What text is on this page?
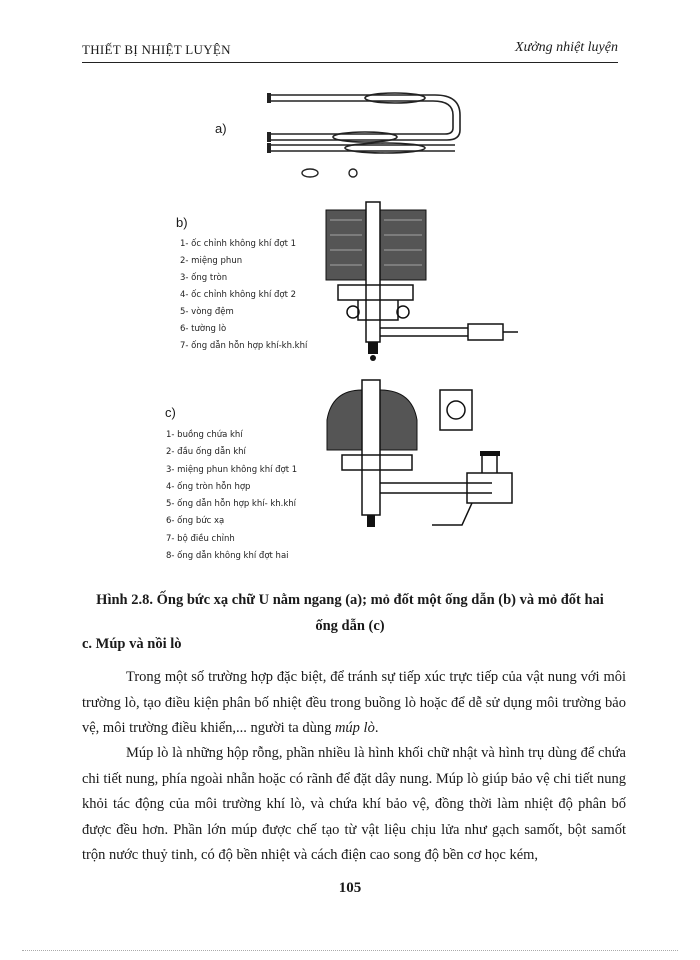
THIẾT BỊ NHIỆT LUYỆN	Xưởng nhiệt luyện
a)
b)
1- ốc chỉnh không khí đợt 1
2- miệng phun
3- ống tròn
4- ốc chỉnh không khí đợt 2
5- vòng đệm
6- tường lò
7- ống dẫn hỗn hợp khí-kh.khí
c)
1- buồng chứa khí
2- đầu ống dẫn khí
3- miệng phun không khí đợt 1
4- ống tròn hỗn hợp
5- ống dẫn hỗn hợp khí- kh.khí
6- ống bức xạ
7- bộ điều chỉnh
8- ống dẫn không khí đợt hai
Hình 2.8. Ống bức xạ chữ U nằm ngang (a); mỏ đốt một ống dẫn (b) và mỏ đốt hai
ống dẫn (c)
c. Múp và nồi lò

Trong một số trường hợp đặc biệt, để tránh sự tiếp xúc trực tiếp của vật nung với môi trường lò, tạo điều kiện phân bố nhiệt đều trong buồng lò hoặc để dễ sử dụng môi trường bảo vệ, môi trường điều khiển,... người ta dùng múp lò.

Múp lò là những hộp rỗng, phần nhiều là hình khối chữ nhật và hình trụ dùng để chứa chi tiết nung, phía ngoài nhẵn hoặc có rãnh để đặt dây nung. Múp lò giúp bảo vệ chi tiết nung khỏi tác động của môi trường khí lò, và chứa khí bảo vệ, đồng thời làm nhiệt độ phân bố được đều hơn. Phần lớn múp được chế tạo từ vật liệu chịu lửa như gạch samốt, bột samốt trộn nước thuỷ tinh, có độ bền nhiệt và cách điện cao song độ bền cơ học kém,

105
